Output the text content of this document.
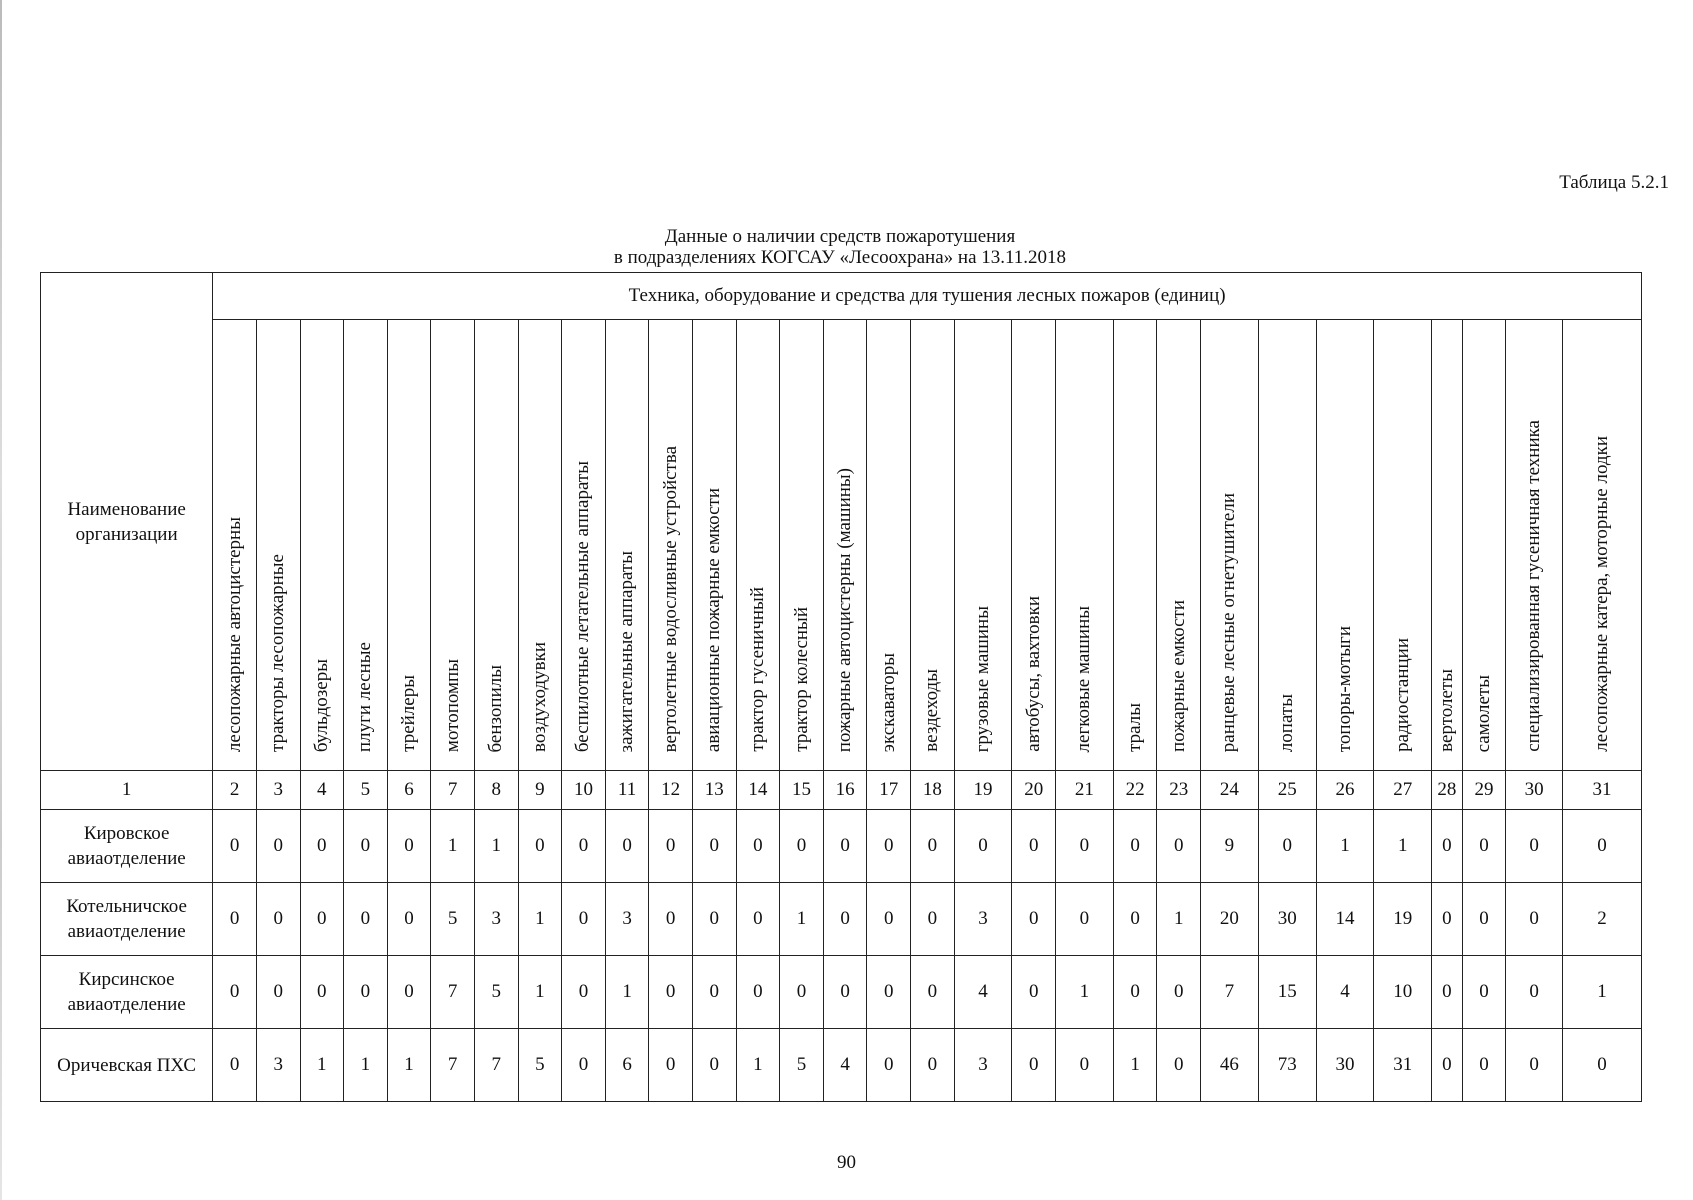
Таблица 5.2.1
Данные о наличии средств пожаротушения
в подразделениях КОГСАУ «Лесоохрана» на 13.11.2018
Наименование организации	Техника, оборудование и средства для тушения лесных пожаров (единиц)																													
	лесопожарные автоцистерны	тракторы лесопожарные	бульдозеры	плуги лесные	трейлеры	мотопомпы	бензопилы	воздуходувки	беспилотные летательные аппараты	зажигательные аппараты	вертолетные водосливные устройства	авиационные пожарные емкости	трактор гусеничный	трактор колесный	пожарные автоцистерны (машины)	экскаваторы	вездеходы	грузовые машины	автобусы, вахтовки	легковые машины	тралы	пожарные емкости	ранцевые лесные огнетушители	лопаты	топоры-мотыги	радиостанции	вертолеты	самолеты	специализированная гусеничная техника	лесопожарные катера, моторные лодки
1	2	3	4	5	6	7	8	9	10	11	12	13	14	15	16	17	18	19	20	21	22	23	24	25	26	27	28	29	30	31
Кировское авиаотделение	0	0	0	0	0	1	1	0	0	0	0	0	0	0	0	0	0	0	0	0	0	0	9	0	1	1	0	0	0	0
Котельничское авиаотделение	0	0	0	0	0	5	3	1	0	3	0	0	0	1	0	0	0	3	0	0	0	1	20	30	14	19	0	0	0	2
Кирсинское авиаотделение	0	0	0	0	0	7	5	1	0	1	0	0	0	0	0	0	0	4	0	1	0	0	7	15	4	10	0	0	0	1
Оричевская ПХС	0	3	1	1	1	7	7	5	0	6	0	0	1	5	4	0	0	3	0	0	1	0	46	73	30	31	0	0	0	0
90
